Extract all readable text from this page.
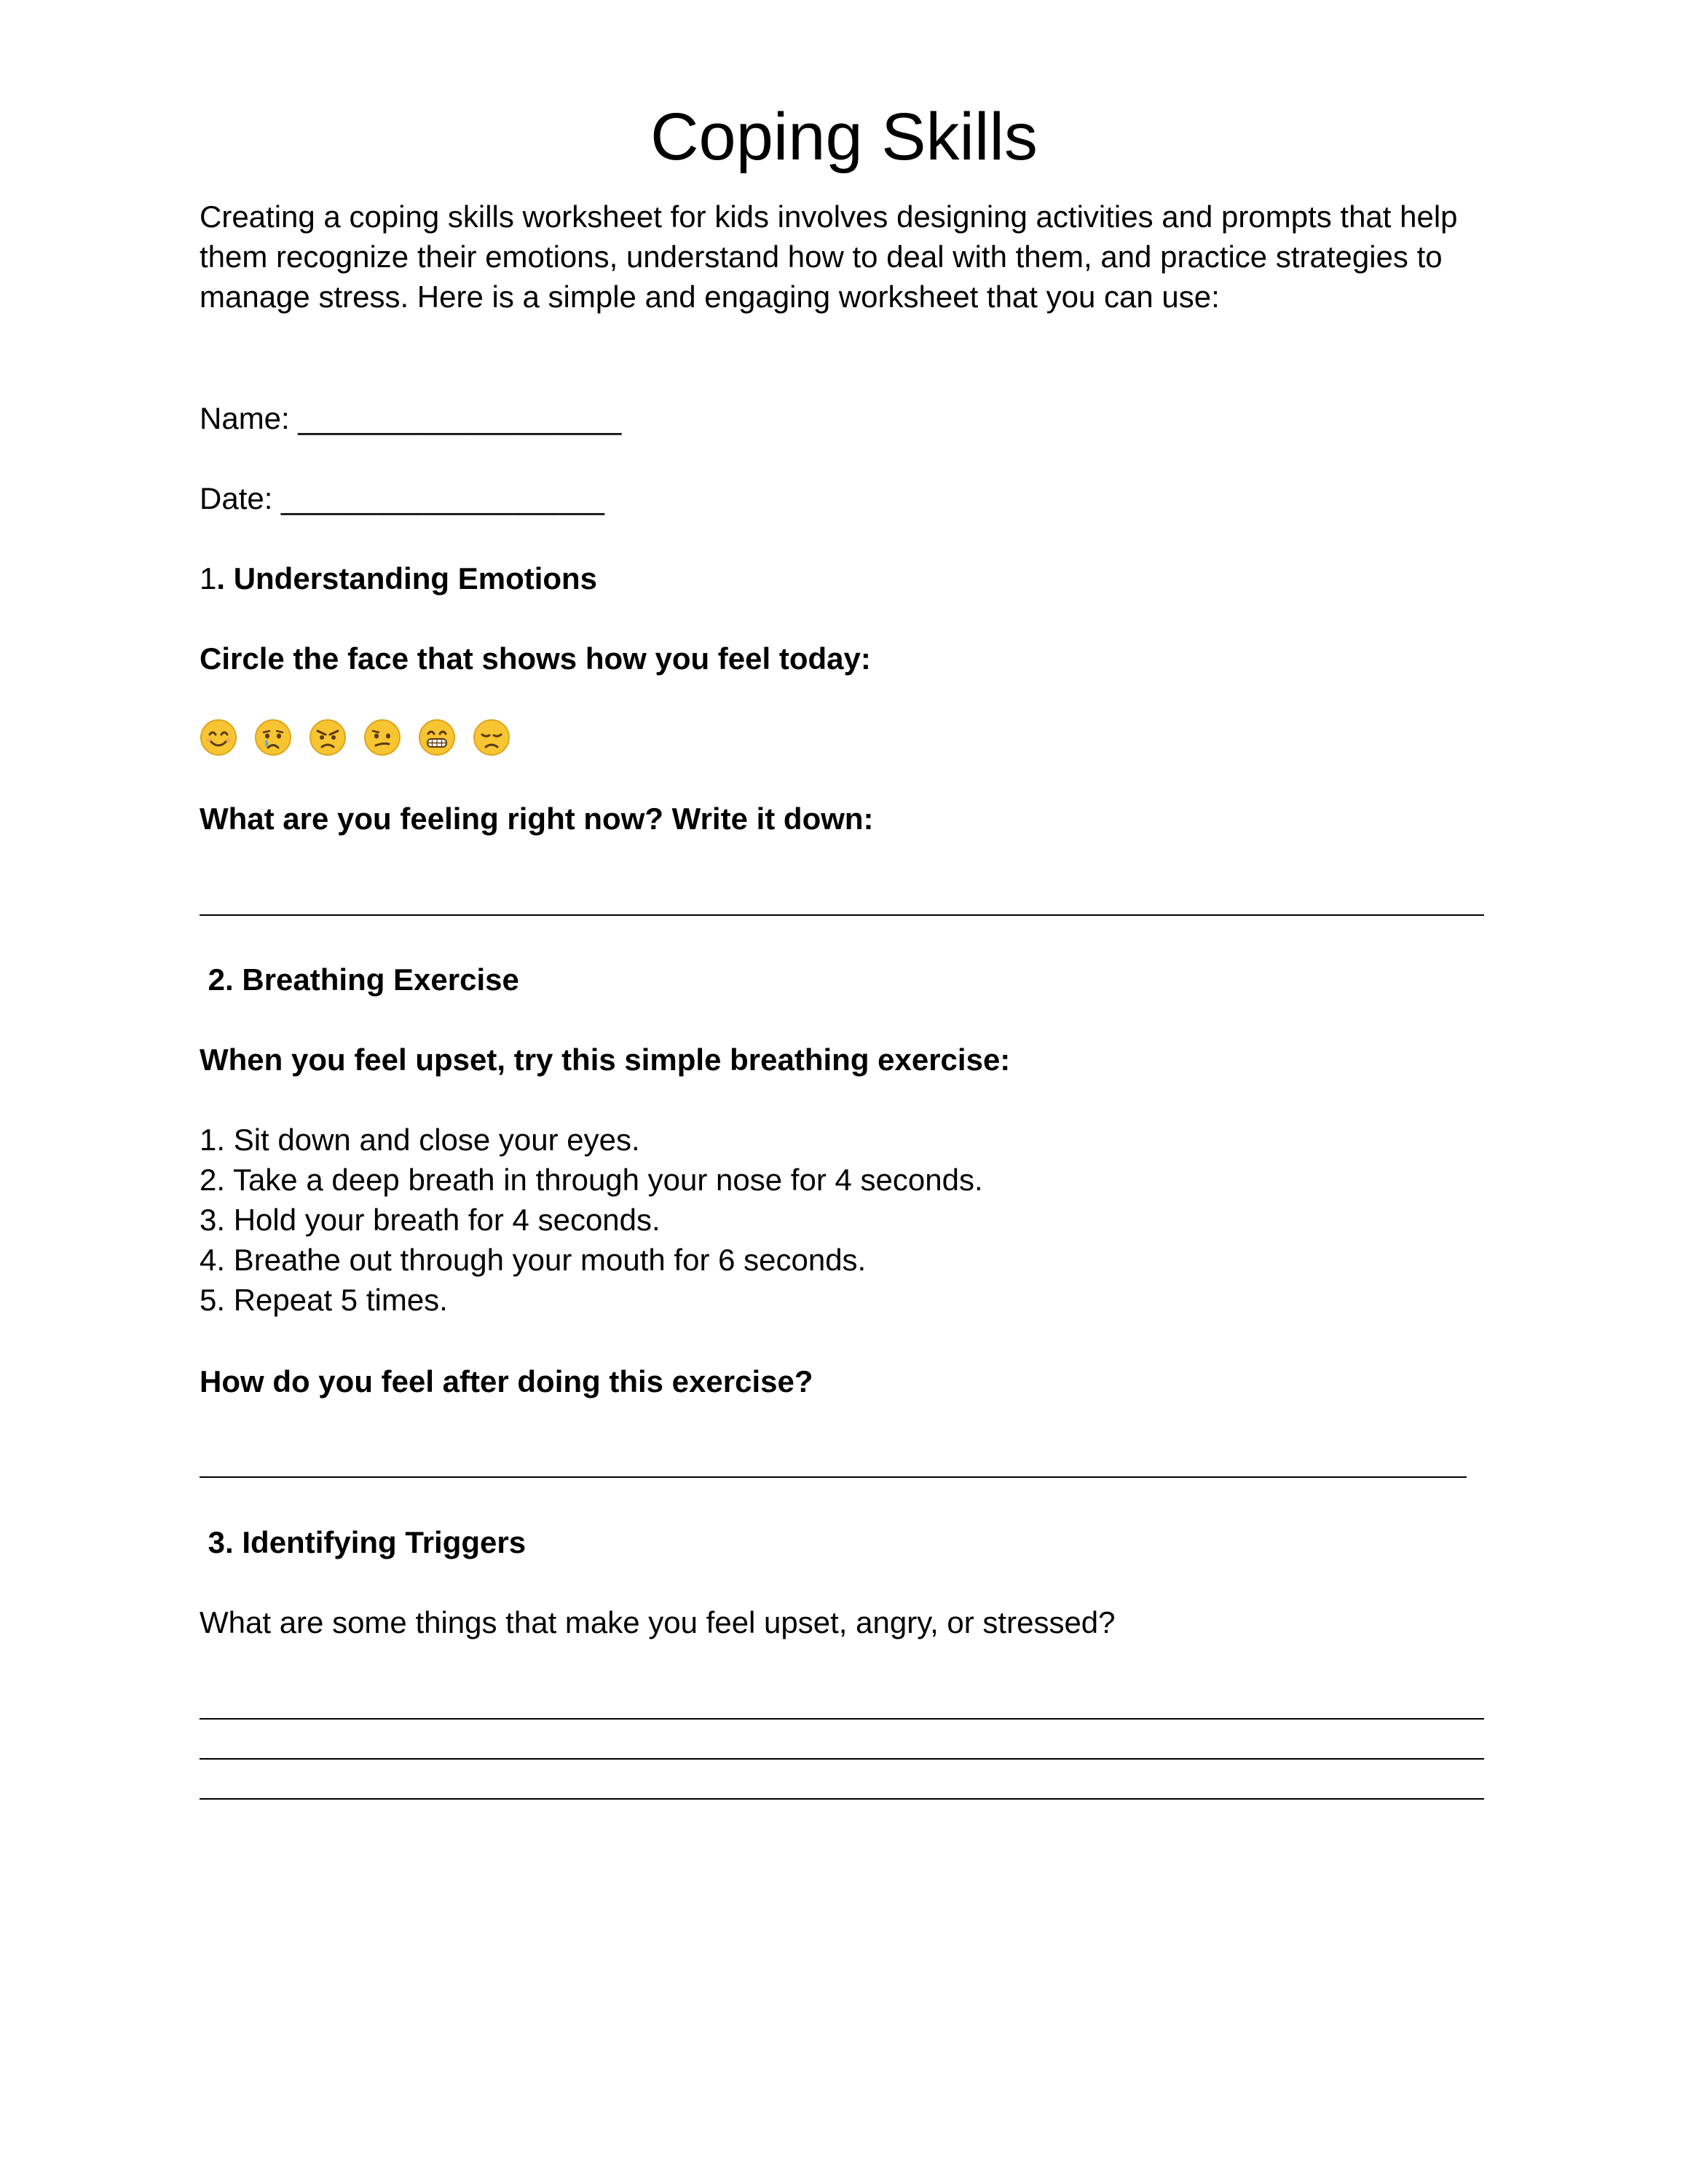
Coping Skills
Creating a coping skills worksheet for kids involves designing activities and prompts that help
them recognize their emotions, understand how to deal with them, and practice strategies to
manage stress. Here is a simple and engaging worksheet that you can use:
Name: ___________________
Date: ___________________
1. Understanding Emotions
Circle the face that shows how you feel today:
What are you feeling right now? Write it down:
2. Breathing Exercise
When you feel upset, try this simple breathing exercise:
1. Sit down and close your eyes.
2. Take a deep breath in through your nose for 4 seconds.
3. Hold your breath for 4 seconds.
4. Breathe out through your mouth for 6 seconds.
5. Repeat 5 times.
How do you feel after doing this exercise?
3. Identifying Triggers
What are some things that make you feel upset, angry, or stressed?
